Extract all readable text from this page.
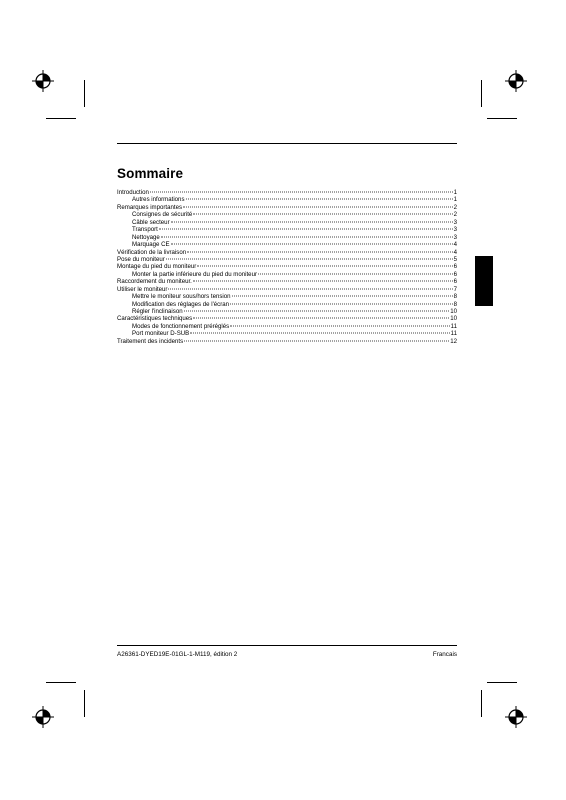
Sommaire
Introduction	1
Autres informations	1
Remarques importantes	2
Consignes de sécurité	2
Câble secteur	3
Transport	3
Nettoyage	3
Marquage CE	4
Vérification de la livraison	4
Pose du moniteur	5
Montage du pied du moniteur	6
Monter la partie inférieure du pied du moniteur	6
Raccordement du moniteur.	6
Utiliser le moniteur	7
Mettre le moniteur sous/hors tension	8
Modification des réglages de l'écran	8
Régler l'inclinaison	10
Caractéristiques techniques	10
Modes de fonctionnement préréglés	11
Port moniteur D-SUB	11
Traitement des incidents	12
A26361-DYED19E-01GL-1-M119, édition 2	Francais
